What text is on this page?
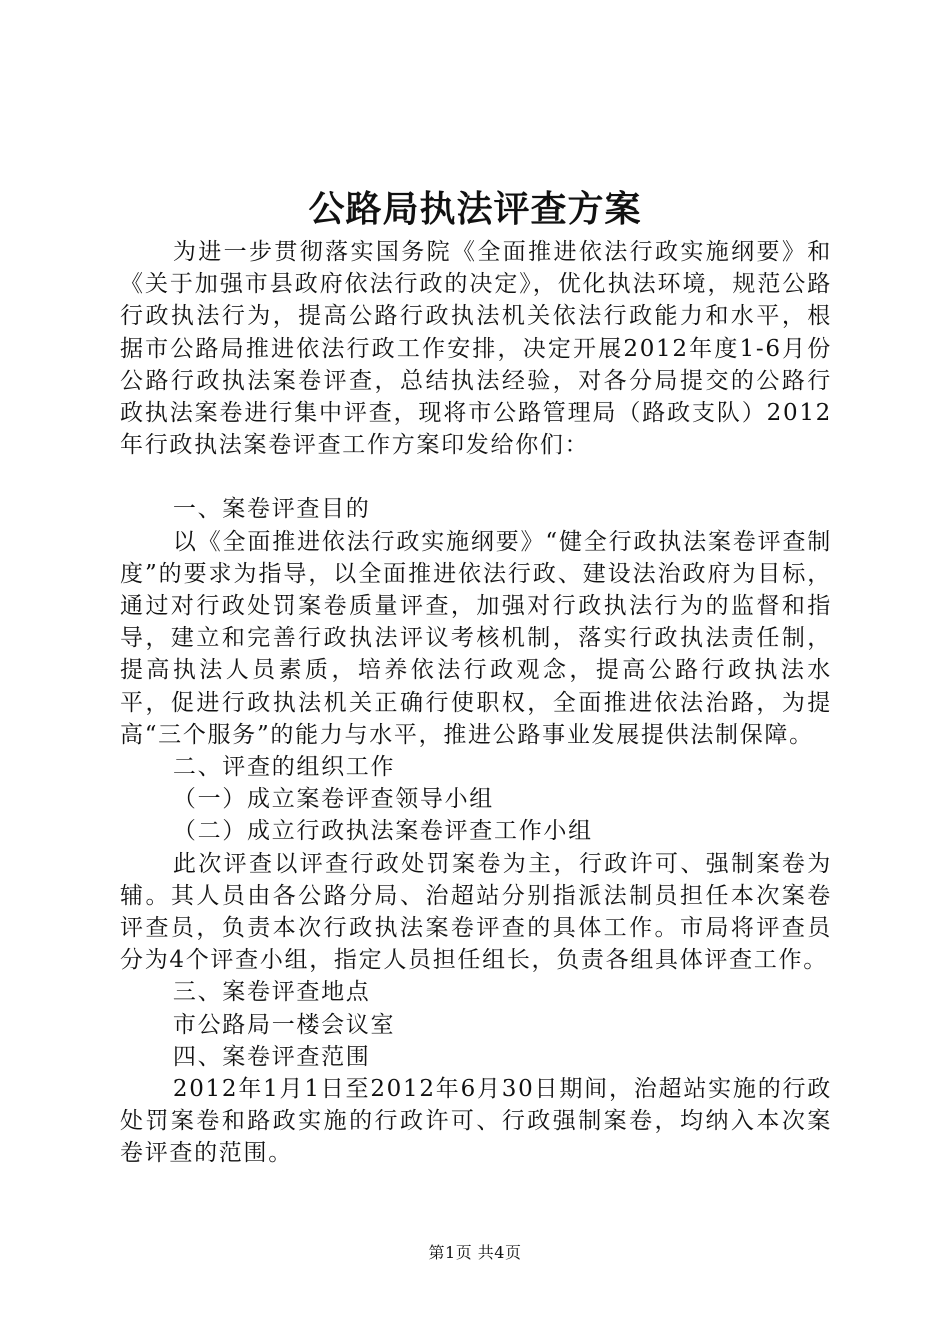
公路局执法评查方案

为进一步贯彻落实国务院《全面推进依法行政实施纲要》和《关于加强市县政府依法行政的决定》，优化执法环境，规范公路行政执法行为，提高公路行政执法机关依法行政能力和水平，根据市公路局推进依法行政工作安排，决定开展2012年度1-6月份公路行政执法案卷评查，总结执法经验，对各分局提交的公路行政执法案卷进行集中评查，现将市公路管理局（路政支队）2012年行政执法案卷评查工作方案印发给你们：

一、案卷评查目的

以《全面推进依法行政实施纲要》“健全行政执法案卷评查制度”的要求为指导，以全面推进依法行政、建设法治政府为目标，通过对行政处罚案卷质量评查，加强对行政执法行为的监督和指导，建立和完善行政执法评议考核机制，落实行政执法责任制，提高执法人员素质，培养依法行政观念，提高公路行政执法水平，促进行政执法机关正确行使职权，全面推进依法治路，为提高“三个服务”的能力与水平，推进公路事业发展提供法制保障。

二、评查的组织工作

（一）成立案卷评查领导小组

（二）成立行政执法案卷评查工作小组

此次评查以评查行政处罚案卷为主，行政许可、强制案卷为辅。其人员由各公路分局、治超站分别指派法制员担任本次案卷评查员，负责本次行政执法案卷评查的具体工作。市局将评查员分为4个评查小组，指定人员担任组长，负责各组具体评查工作。

三、案卷评查地点

市公路局一楼会议室

四、案卷评查范围

2012年1月1日至2012年6月30日期间，治超站实施的行政处罚案卷和路政实施的行政许可、行政强制案卷，均纳入本次案卷评查的范围。

第1页 共4页
